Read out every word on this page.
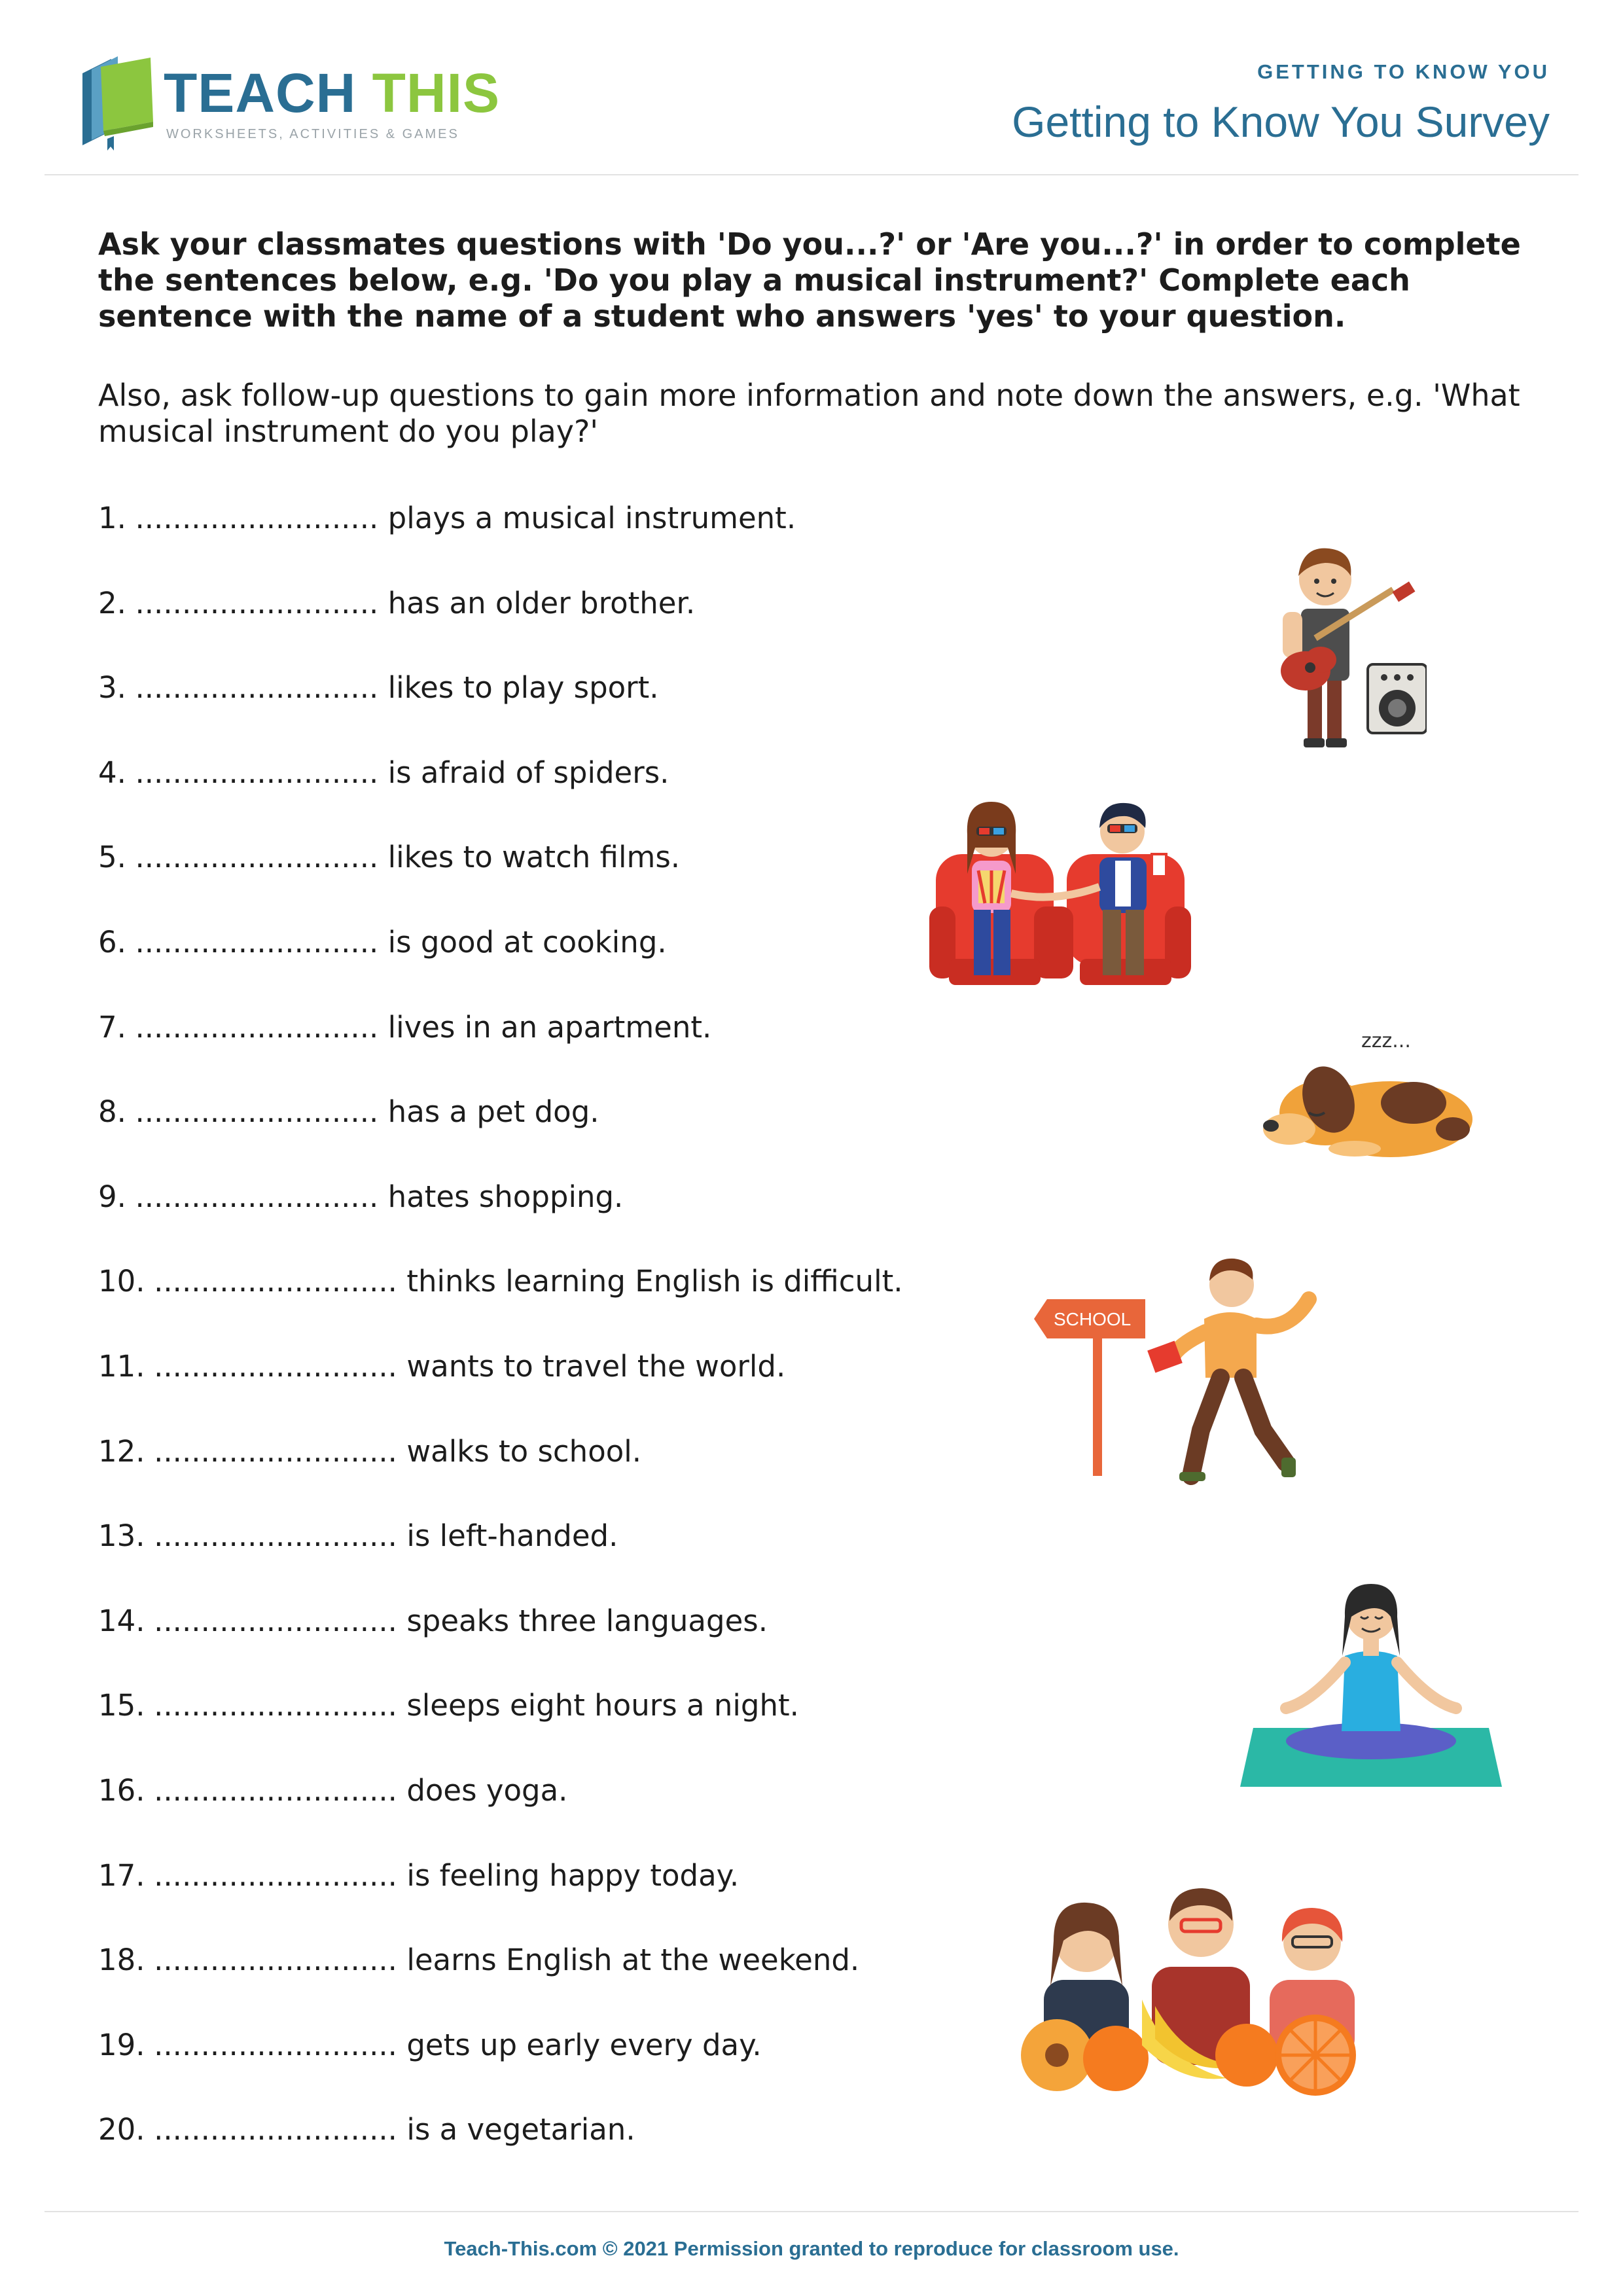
TEACH THIS
WORKSHEETS, ACTIVITIES & GAMES
GETTING TO KNOW YOU
Getting to Know You Survey

Ask your classmates questions with 'Do you...?' or 'Are you...?' in order to complete the sentences below, e.g. 'Do you play a musical instrument?' Complete each sentence with the name of a student who answers 'yes' to your question.

Also, ask follow-up questions to gain more information and note down the answers, e.g. 'What musical instrument do you play?'

1. .......................... plays a musical instrument.
2. .......................... has an older brother.
3. .......................... likes to play sport.
4. .......................... is afraid of spiders.
5. .......................... likes to watch films.
6. .......................... is good at cooking.
7. .......................... lives in an apartment.
8. .......................... has a pet dog.
9. .......................... hates shopping.
10. .......................... thinks learning English is difficult.
11. .......................... wants to travel the world.
12. .......................... walks to school.
13. .......................... is left-handed.
14. .......................... speaks three languages.
15. .......................... sleeps eight hours a night.
16. .......................... does yoga.
17. .......................... is feeling happy today.
18. .......................... learns English at the weekend.
19. .......................... gets up early every day.
20. .......................... is a vegetarian.
zzz...
SCHOOL
Teach-This.com © 2021 Permission granted to reproduce for classroom use.
